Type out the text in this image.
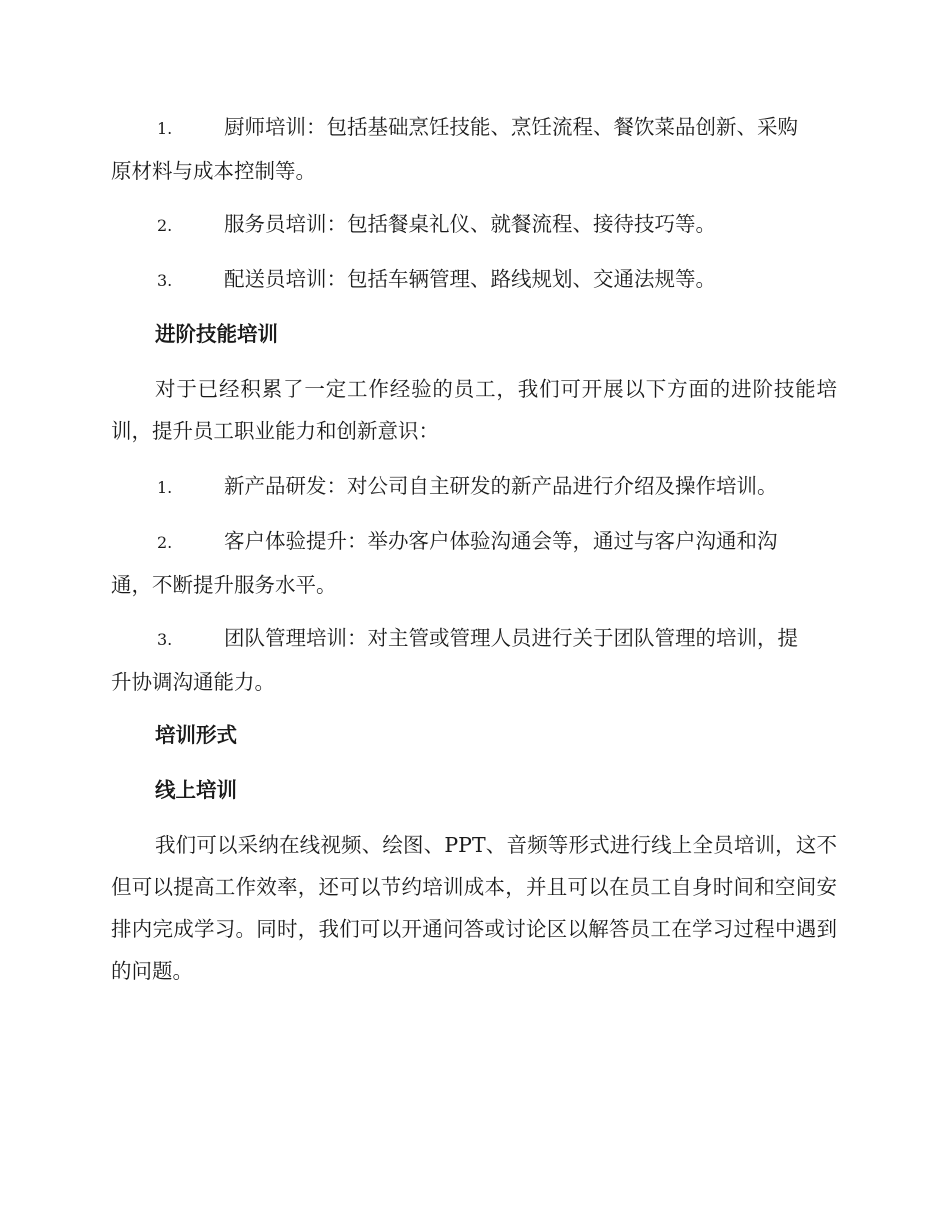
1.	厨师培训：包括基础烹饪技能、烹饪流程、餐饮菜品创新、采购
原材料与成本控制等。
2.	服务员培训：包括餐桌礼仪、就餐流程、接待技巧等。
3.	配送员培训：包括车辆管理、路线规划、交通法规等。
进阶技能培训
对于已经积累了一定工作经验的员工，我们可开展以下方面的进阶技能培训，提升员工职业能力和创新意识：
1.	新产品研发：对公司自主研发的新产品进行介绍及操作培训。
2.	客户体验提升：举办客户体验沟通会等，通过与客户沟通和沟
通，不断提升服务水平。
3.	团队管理培训：对主管或管理人员进行关于团队管理的培训，提
升协调沟通能力。
培训形式
线上培训
我们可以采纳在线视频、绘图、PPT、音频等形式进行线上全员培训，这不但可以提高工作效率，还可以节约培训成本，并且可以在员工自身时间和空间安排内完成学习。同时，我们可以开通问答或讨论区以解答员工在学习过程中遇到的问题。
